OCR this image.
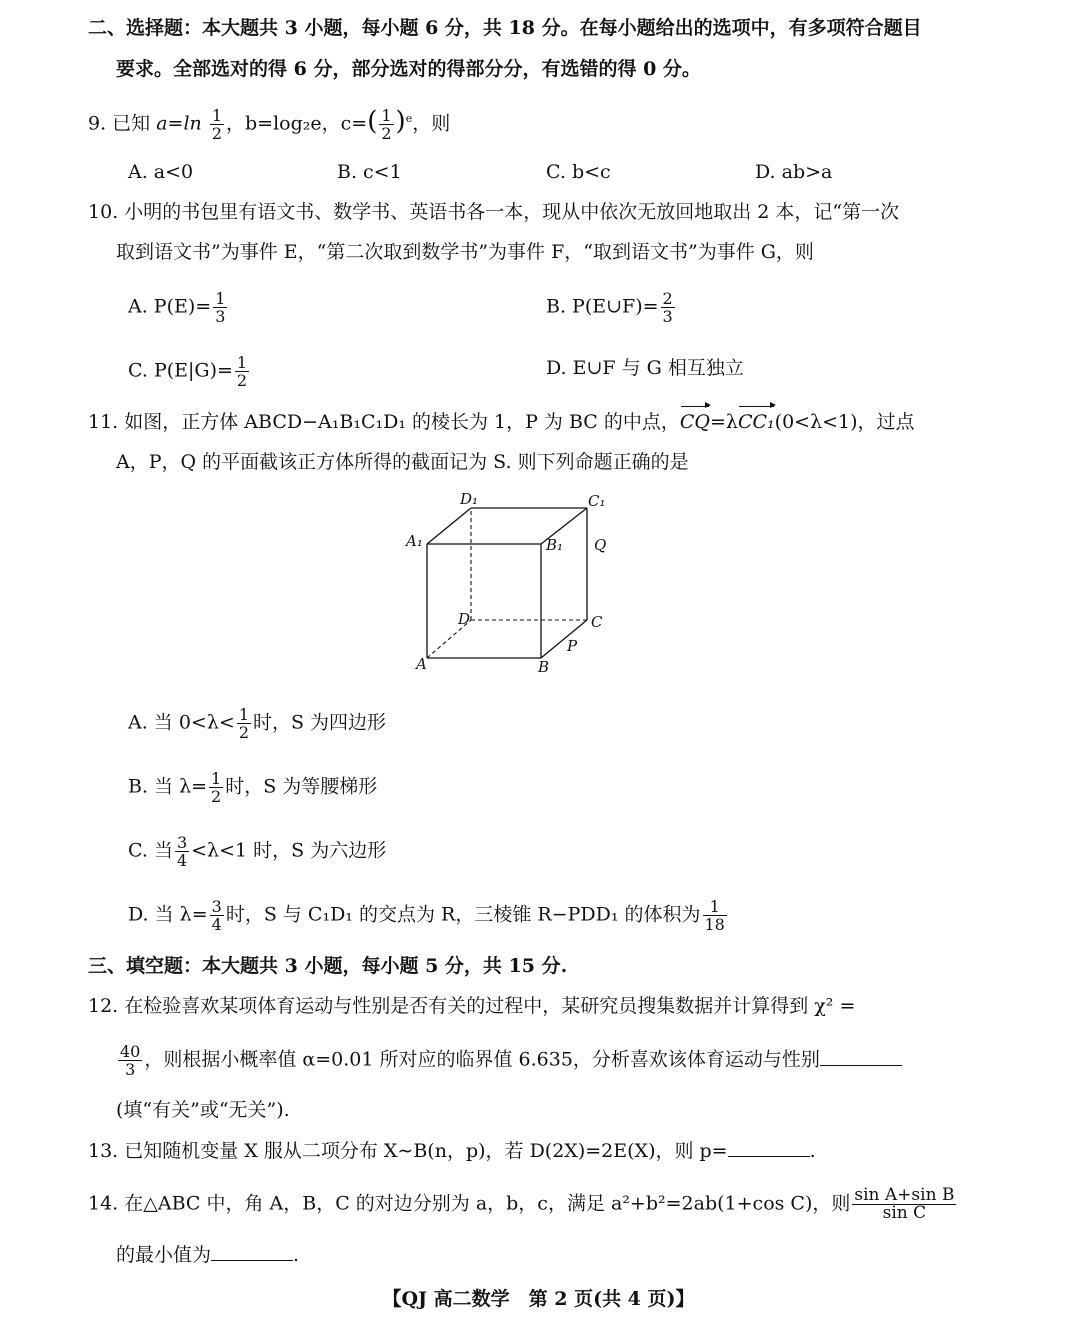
二、选择题：本大题共 3 小题，每小题 6 分，共 18 分。在每小题给出的选项中，有多项符合题目
要求。全部选对的得 6 分，部分选对的得部分分，有选错的得 0 分。
9. 已知 $a=\ln \frac{1}{2}$ ，b=log₂e，$c=( \frac{1}{2} )^e$，则
A. a<0	B. c<1	C. b<c	D. ab>a
10. 小明的书包里有语文书、数学书、英语书各一本，现从中依次无放回地取出 2 本，记“第一次
取到语文书”为事件 E，“第二次取到数学书”为事件 F，“取到语文书”为事件 G，则
A. $P(E)= \frac{1}{3}$	B. P(E∪F)= $\frac{2}{3}$
C. $P(E|G)= \frac{1}{2}$	D. E∪F 与 G 相互独立
11. 如图，正方体 ABCD−A₁B₁C₁D₁ 的棱长为 1，P 为 BC 的中点，CQ=λCC₁(0<λ<1)，过点
A，P，Q 的平面截该正方体所得的截面记为 S. 则下列命题正确的是
D₁	C₁
A₁	B₁ Q
D	C
P
A	B
A. 当 $0<\lambda< \frac{1}{2}$ 时，S 为四边形
B. 当 $\lambda= \frac{1}{2}$ 时，S 为等腰梯形
C. 当 $\frac{3}{4} <\lambda<1$ 时，S 为六边形
D. 当 $\lambda= \frac{3}{4}$ 时，S 与 C₁D₁ 的交点为 R，三棱锥 R−PDD₁ 的体积为 $\frac{1}{18}$
三、填空题：本大题共 3 小题，每小题 5 分，共 15 分.
12. 在检验喜欢某项体育运动与性别是否有关的过程中，某研究员搜集数据并计算得到 χ² =
$\frac{40}{3}$ ，则根据小概率值 α=0.01 所对应的临界值 6.635，分析喜欢该体育运动与性别
(填“有关”或“无关”).
13. 已知随机变量 X 服从二项分布 X∼B(n，p)，若 D(2X)=2E(X)，则 p=	.
14. 在△ABC 中，角 A，B，C 的对边分别为 a，b，c，满足 a²+b²=2ab(1+cos C)，则 $\frac{\text{sin A+sin B}}{\text{sin C}}$
的最小值为	.
【QJ 高二数学　第 2 页(共 4 页)】
